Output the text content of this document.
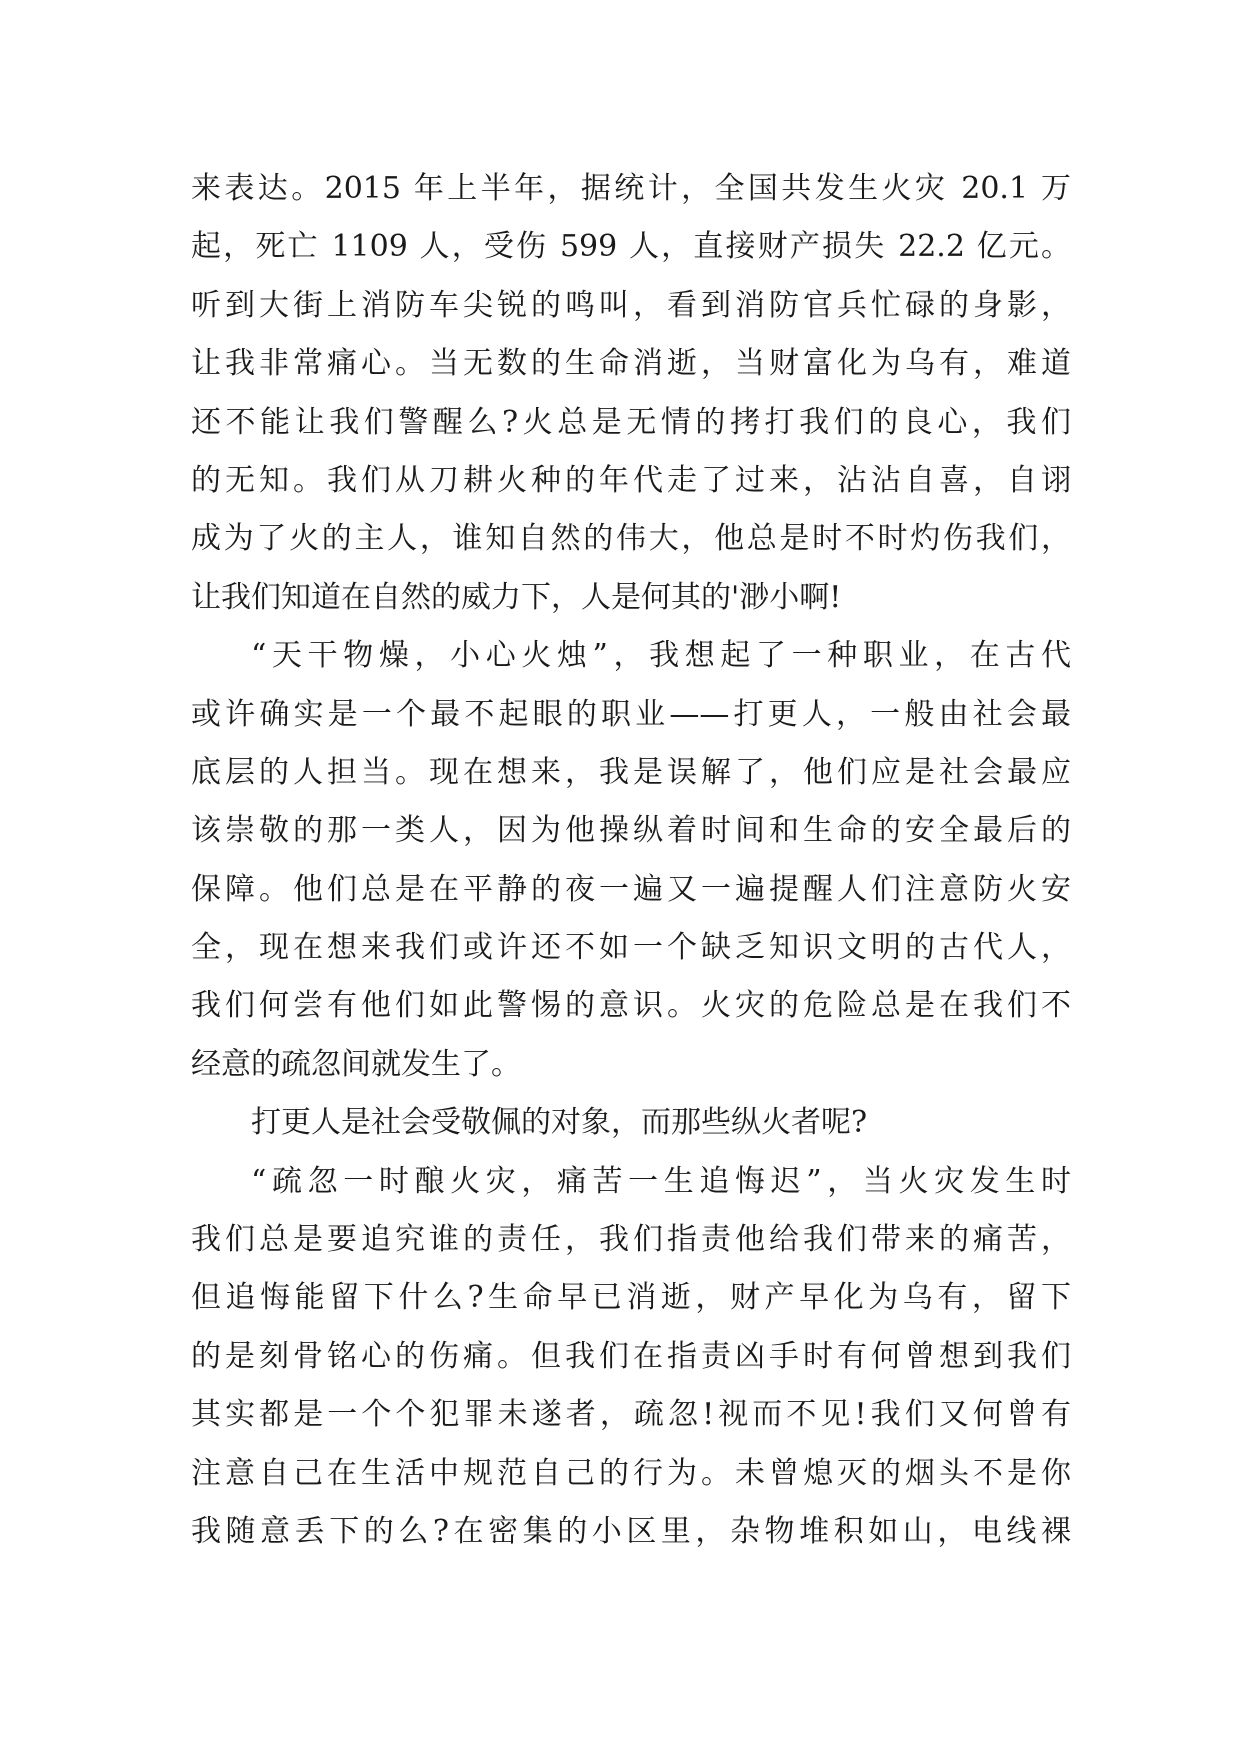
来表达。2015 年上半年，据统计，全国共发生火灾 20.1 万
起，死亡 1109 人，受伤 599 人，直接财产损失 22.2 亿元。
听到大街上消防车尖锐的鸣叫，看到消防官兵忙碌的身影，
让我非常痛心。当无数的生命消逝，当财富化为乌有，难道
还不能让我们警醒么?火总是无情的拷打我们的良心，我们
的无知。我们从刀耕火种的年代走了过来，沾沾自喜，自诩
成为了火的主人，谁知自然的伟大，他总是时不时灼伤我们，
让我们知道在自然的威力下，人是何其的'渺小啊!
“天干物燥，小心火烛”，我想起了一种职业，在古代
或许确实是一个最不起眼的职业——打更人，一般由社会最
底层的人担当。现在想来，我是误解了，他们应是社会最应
该崇敬的那一类人，因为他操纵着时间和生命的安全最后的
保障。他们总是在平静的夜一遍又一遍提醒人们注意防火安
全，现在想来我们或许还不如一个缺乏知识文明的古代人，
我们何尝有他们如此警惕的意识。火灾的危险总是在我们不
经意的疏忽间就发生了。
打更人是社会受敬佩的对象，而那些纵火者呢?
“疏忽一时酿火灾，痛苦一生追悔迟”，当火灾发生时
我们总是要追究谁的责任，我们指责他给我们带来的痛苦，
但追悔能留下什么?生命早已消逝，财产早化为乌有，留下
的是刻骨铭心的伤痛。但我们在指责凶手时有何曾想到我们
其实都是一个个犯罪未遂者，疏忽!视而不见!我们又何曾有
注意自己在生活中规范自己的行为。未曾熄灭的烟头不是你
我随意丢下的么?在密集的小区里，杂物堆积如山，电线裸
